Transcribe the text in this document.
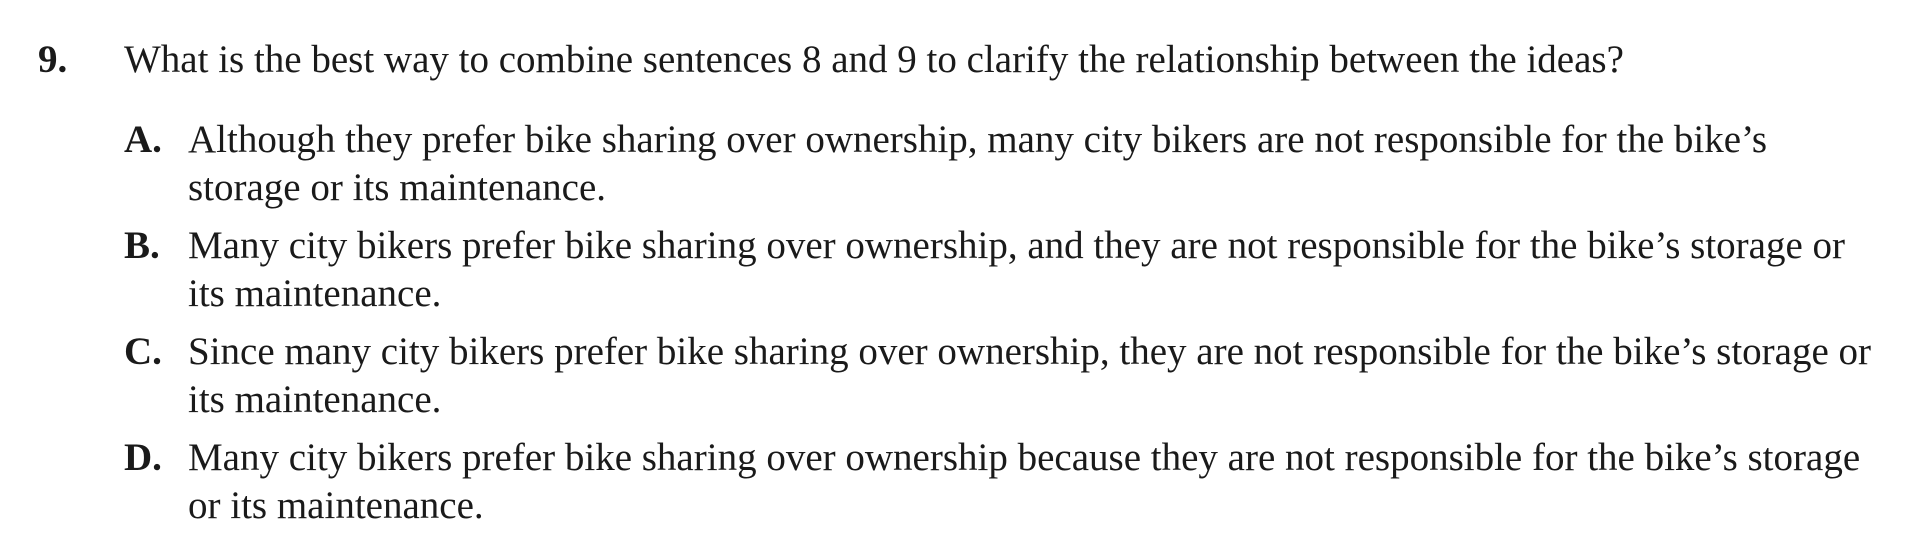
9. What is the best way to combine sentences 8 and 9 to clarify the relationship between the ideas?
A. Although they prefer bike sharing over ownership, many city bikers are not responsible for the bike’s storage or its maintenance.
B. Many city bikers prefer bike sharing over ownership, and they are not responsible for the bike’s storage or its maintenance.
C. Since many city bikers prefer bike sharing over ownership, they are not responsible for the bike’s storage or its maintenance.
D. Many city bikers prefer bike sharing over ownership because they are not responsible for the bike’s storage or its maintenance.
